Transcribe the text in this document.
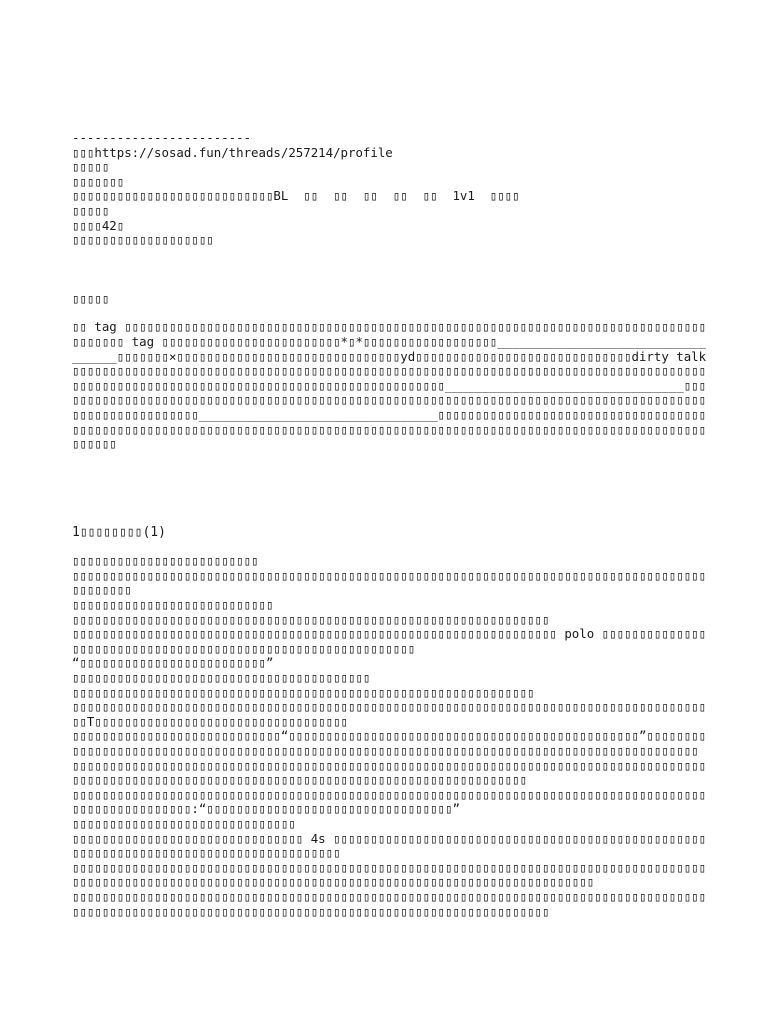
------------------------
▯▯▯https://sosad.fun/threads/257214/profile
▯▯▯▯▯
▯▯▯▯▯▯▯
▯▯▯▯▯▯▯▯▯▯▯▯▯▯▯▯▯▯▯▯▯▯▯▯▯▯▯BL  ▯▯  ▯▯  ▯▯  ▯▯  ▯▯  1v1  ▯▯▯▯
▯▯▯▯▯
▯▯▯▯42▯
▯▯▯▯▯▯▯▯▯▯▯▯▯▯▯▯▯▯▯
▯▯▯▯▯
▯▯ tag ▯▯▯▯▯▯▯▯▯▯▯▯▯▯▯▯▯▯▯▯▯▯▯▯▯▯▯▯▯▯▯▯▯▯▯▯▯▯▯▯▯▯▯▯▯▯▯▯▯▯▯▯▯▯▯▯▯▯▯▯▯▯▯▯▯▯▯▯▯▯▯▯▯▯▯▯▯▯▯▯▯▯▯▯▯ tag ▯▯▯▯▯▯▯▯▯▯▯▯▯▯▯▯▯▯▯▯▯▯▯▯*▯*▯▯▯▯▯▯▯▯▯▯▯▯▯▯▯▯▯▯__________________________________▯▯▯▯▯▯▯×▯▯▯▯▯▯▯▯▯▯▯▯▯▯▯▯▯▯▯▯▯▯▯▯▯▯▯▯▯▯yd▯▯▯▯▯▯▯▯▯▯▯▯▯▯▯▯▯▯▯▯▯▯▯▯▯▯▯▯▯dirty talk▯▯▯▯▯▯▯▯▯▯▯▯▯▯▯▯▯▯▯▯▯▯▯▯▯▯▯▯▯▯▯▯▯▯▯▯▯▯▯▯▯▯▯▯▯▯▯▯▯▯▯▯▯▯▯▯▯▯▯▯▯▯▯▯▯▯▯▯▯▯▯▯▯▯▯▯▯▯▯▯▯▯▯▯▯▯▯▯▯▯▯▯▯▯▯▯▯▯▯▯▯▯▯▯▯▯▯▯▯▯▯▯▯▯▯▯▯▯▯▯▯▯▯▯▯▯▯▯▯▯▯▯▯▯▯________________________________▯▯▯▯▯▯▯▯▯▯▯▯▯▯▯▯▯▯▯▯▯▯▯▯▯▯▯▯▯▯▯▯▯▯▯▯▯▯▯▯▯▯▯▯▯▯▯▯▯▯▯▯▯▯▯▯▯▯▯▯▯▯▯▯▯▯▯▯▯▯▯▯▯▯▯▯▯▯▯▯▯▯▯▯▯▯▯▯▯▯▯▯▯▯▯▯▯▯▯▯▯▯▯▯▯________________________________▯▯▯▯▯▯▯▯▯▯▯▯▯▯▯▯▯▯▯▯▯▯▯▯▯▯▯▯▯▯▯▯▯▯▯▯▯▯▯▯▯▯▯▯▯▯▯▯▯▯▯▯▯▯▯▯▯▯▯▯▯▯▯▯▯▯▯▯▯▯▯▯▯▯▯▯▯▯▯▯▯▯▯▯▯▯▯▯▯▯▯▯▯▯▯▯▯▯▯▯▯▯▯▯▯▯▯▯▯▯▯▯▯▯▯▯▯▯▯▯▯▯▯▯▯▯▯
1▯▯▯▯▯▯▯▯(1)
▯▯▯▯▯▯▯▯▯▯▯▯▯▯▯▯▯▯▯▯▯▯▯▯▯
▯▯▯▯▯▯▯▯▯▯▯▯▯▯▯▯▯▯▯▯▯▯▯▯▯▯▯▯▯▯▯▯▯▯▯▯▯▯▯▯▯▯▯▯▯▯▯▯▯▯▯▯▯▯▯▯▯▯▯▯▯▯▯▯▯▯▯▯▯▯▯▯▯▯▯▯▯▯▯▯▯▯▯▯▯▯▯▯▯▯▯▯▯
▯▯▯▯▯▯▯▯▯▯▯▯▯▯▯▯▯▯▯▯▯▯▯▯▯▯▯
▯▯▯▯▯▯▯▯▯▯▯▯▯▯▯▯▯▯▯▯▯▯▯▯▯▯▯▯▯▯▯▯▯▯▯▯▯▯▯▯▯▯▯▯▯▯▯▯▯▯▯▯▯▯▯▯▯▯▯▯▯▯▯▯
▯▯▯▯▯▯▯▯▯▯▯▯▯▯▯▯▯▯▯▯▯▯▯▯▯▯▯▯▯▯▯▯▯▯▯▯▯▯▯▯▯▯▯▯▯▯▯▯▯▯▯▯▯▯▯▯▯▯▯▯▯▯▯▯▯ polo ▯▯▯▯▯▯▯▯▯▯▯▯▯▯▯▯▯▯▯▯▯▯▯▯▯▯▯▯▯▯▯▯▯▯▯▯▯▯▯▯▯▯▯▯▯▯▯▯▯▯▯▯▯▯▯▯▯▯▯▯
“▯▯▯▯▯▯▯▯▯▯▯▯▯▯▯▯▯▯▯▯▯▯▯▯▯”
▯▯▯▯▯▯▯▯▯▯▯▯▯▯▯▯▯▯▯▯▯▯▯▯▯▯▯▯▯▯▯▯▯▯▯▯▯▯▯▯
▯▯▯▯▯▯▯▯▯▯▯▯▯▯▯▯▯▯▯▯▯▯▯▯▯▯▯▯▯▯▯▯▯▯▯▯▯▯▯▯▯▯▯▯▯▯▯▯▯▯▯▯▯▯▯▯▯▯▯▯▯▯
▯▯▯▯▯▯▯▯▯▯▯▯▯▯▯▯▯▯▯▯▯▯▯▯▯▯▯▯▯▯▯▯▯▯▯▯▯▯▯▯▯▯▯▯▯▯▯▯▯▯▯▯▯▯▯▯▯▯▯▯▯▯▯▯▯▯▯▯▯▯▯▯▯▯▯▯▯▯▯▯▯▯▯▯▯▯▯T▯▯▯▯▯▯▯▯▯▯▯▯▯▯▯▯▯▯▯▯▯▯▯▯▯▯▯▯▯▯▯▯▯▯
▯▯▯▯▯▯▯▯▯▯▯▯▯▯▯▯▯▯▯▯▯▯▯▯▯▯▯▯“▯▯▯▯▯▯▯▯▯▯▯▯▯▯▯▯▯▯▯▯▯▯▯▯▯▯▯▯▯▯▯▯▯▯▯▯▯▯▯▯▯▯▯▯▯▯▯”▯▯▯▯▯▯▯▯▯▯▯▯▯▯▯▯▯▯▯▯▯▯▯▯▯▯▯▯▯▯▯▯▯▯▯▯▯▯▯▯▯▯▯▯▯▯▯▯▯▯▯▯▯▯▯▯▯▯▯▯▯▯▯▯▯▯▯▯▯▯▯▯▯▯▯▯▯▯▯▯▯▯▯▯▯▯▯▯▯▯▯▯
▯▯▯▯▯▯▯▯▯▯▯▯▯▯▯▯▯▯▯▯▯▯▯▯▯▯▯▯▯▯▯▯▯▯▯▯▯▯▯▯▯▯▯▯▯▯▯▯▯▯▯▯▯▯▯▯▯▯▯▯▯▯▯▯▯▯▯▯▯▯▯▯▯▯▯▯▯▯▯▯▯▯▯▯▯▯▯▯▯▯▯▯▯▯▯▯▯▯▯▯▯▯▯▯▯▯▯▯▯▯▯▯▯▯▯▯▯▯▯▯▯▯▯▯▯▯▯▯▯▯▯▯▯▯▯▯▯▯▯▯▯▯▯▯▯▯
▯▯▯▯▯▯▯▯▯▯▯▯▯▯▯▯▯▯▯▯▯▯▯▯▯▯▯▯▯▯▯▯▯▯▯▯▯▯▯▯▯▯▯▯▯▯▯▯▯▯▯▯▯▯▯▯▯▯▯▯▯▯▯▯▯▯▯▯▯▯▯▯▯▯▯▯▯▯▯▯▯▯▯▯▯▯▯▯▯▯▯▯▯▯▯▯▯▯▯▯▯:“▯▯▯▯▯▯▯▯▯▯▯▯▯▯▯▯▯▯▯▯▯▯▯▯▯▯▯▯▯▯▯▯▯”
▯▯▯▯▯▯▯▯▯▯▯▯▯▯▯▯▯▯▯▯▯▯▯▯▯▯▯▯▯▯
▯▯▯▯▯▯▯▯▯▯▯▯▯▯▯▯▯▯▯▯▯▯▯▯▯▯▯▯▯▯▯ 4s ▯▯▯▯▯▯▯▯▯▯▯▯▯▯▯▯▯▯▯▯▯▯▯▯▯▯▯▯▯▯▯▯▯▯▯▯▯▯▯▯▯▯▯▯▯▯▯▯▯▯▯▯▯▯▯▯▯▯▯▯▯▯▯▯▯▯▯▯▯▯▯▯▯▯▯▯▯▯▯▯▯▯▯▯▯▯
▯▯▯▯▯▯▯▯▯▯▯▯▯▯▯▯▯▯▯▯▯▯▯▯▯▯▯▯▯▯▯▯▯▯▯▯▯▯▯▯▯▯▯▯▯▯▯▯▯▯▯▯▯▯▯▯▯▯▯▯▯▯▯▯▯▯▯▯▯▯▯▯▯▯▯▯▯▯▯▯▯▯▯▯▯▯▯▯▯▯▯▯▯▯▯▯▯▯▯▯▯▯▯▯▯▯▯▯▯▯▯▯▯▯▯▯▯▯▯▯▯▯▯▯▯▯▯▯▯▯▯▯▯▯▯▯▯▯▯▯▯▯▯▯▯▯▯▯▯▯▯▯▯▯▯
▯▯▯▯▯▯▯▯▯▯▯▯▯▯▯▯▯▯▯▯▯▯▯▯▯▯▯▯▯▯▯▯▯▯▯▯▯▯▯▯▯▯▯▯▯▯▯▯▯▯▯▯▯▯▯▯▯▯▯▯▯▯▯▯▯▯▯▯▯▯▯▯▯▯▯▯▯▯▯▯▯▯▯▯▯▯▯▯▯▯▯▯▯▯▯▯▯▯▯▯▯▯▯▯▯▯▯▯▯▯▯▯▯▯▯▯▯▯▯▯▯▯▯▯▯▯▯▯▯▯▯▯▯▯▯▯▯▯▯▯▯▯▯▯▯▯▯▯▯
